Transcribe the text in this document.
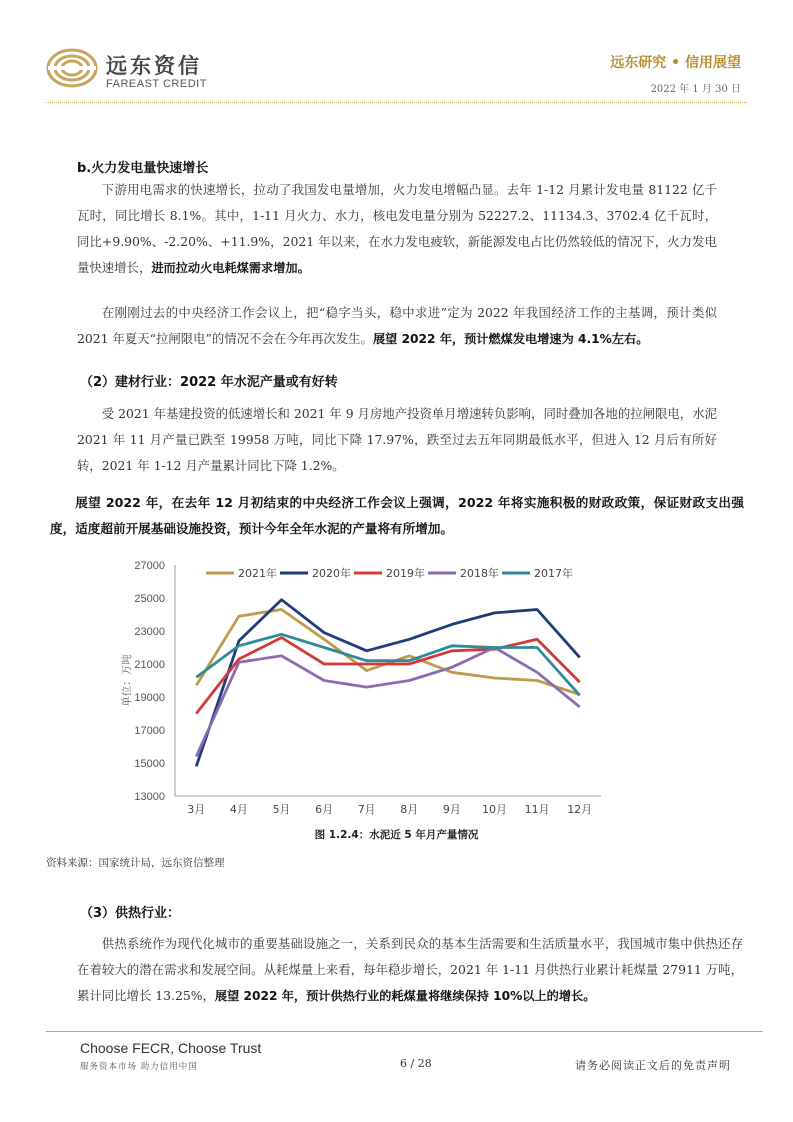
远东资信
FAREAST CREDIT
远东研究 • 信用展望
2022 年 1 月 30 日
b.火力发电量快速增长
下游用电需求的快速增长，拉动了我国发电量增加，火力发电增幅凸显。去年 1-12 月累计发电量 81122 亿千瓦时，同比增长 8.1%。其中，1-11 月火力、水力，核电发电量分别为 52227.2、11134.3、3702.4 亿千瓦时，同比+9.90%、-2.20%、+11.9%，2021 年以来，在水力发电疲软，新能源发电占比仍然较低的情况下，火力发电量快速增长，进而拉动火电耗煤需求增加。
在刚刚过去的中央经济工作会议上，把“稳字当头，稳中求进”定为 2022 年我国经济工作的主基调，预计类似 2021 年夏天“拉闸限电”的情况不会在今年再次发生。展望 2022 年，预计燃煤发电增速为 4.1%左右。
（2）建材行业：2022 年水泥产量或有好转
受 2021 年基建投资的低速增长和 2021 年 9 月房地产投资单月增速转负影响，同时叠加各地的拉闸限电，水泥 2021 年 11 月产量已跌至 19958 万吨，同比下降 17.97%，跌至过去五年同期最低水平，但进入 12 月后有所好转，2021 年 1-12 月产量累计同比下降 1.2%。
展望 2022 年，在去年 12 月初结束的中央经济工作会议上强调，2022 年将实施积极的财政政策，保证财政支出强度，适度超前开展基础设施投资，预计今年全年水泥的产量将有所增加。
13000
15000
17000
19000
21000
23000
25000
27000
3月 4月 5月 6月 7月 8月 9月 10月 11月 12月
单位：万吨
2021年	2020年	2019年	2018年	2017年
图 1.2.4：水泥近 5 年月产量情况
资料来源：国家统计局，远东资信整理
（3）供热行业：
供热系统作为现代化城市的重要基础设施之一，关系到民众的基本生活需要和生活质量水平，我国城市集中供热还存在着较大的潜在需求和发展空间。从耗煤量上来看，每年稳步增长，2021 年 1-11 月供热行业累计耗煤量 27911 万吨，累计同比增长 13.25%，展望 2022 年，预计供热行业的耗煤量将继续保持 10%以上的增长。
Choose FECR, Choose Trust
服务资本市场 助力信用中国	6 / 28	请务必阅读正文后的免责声明
